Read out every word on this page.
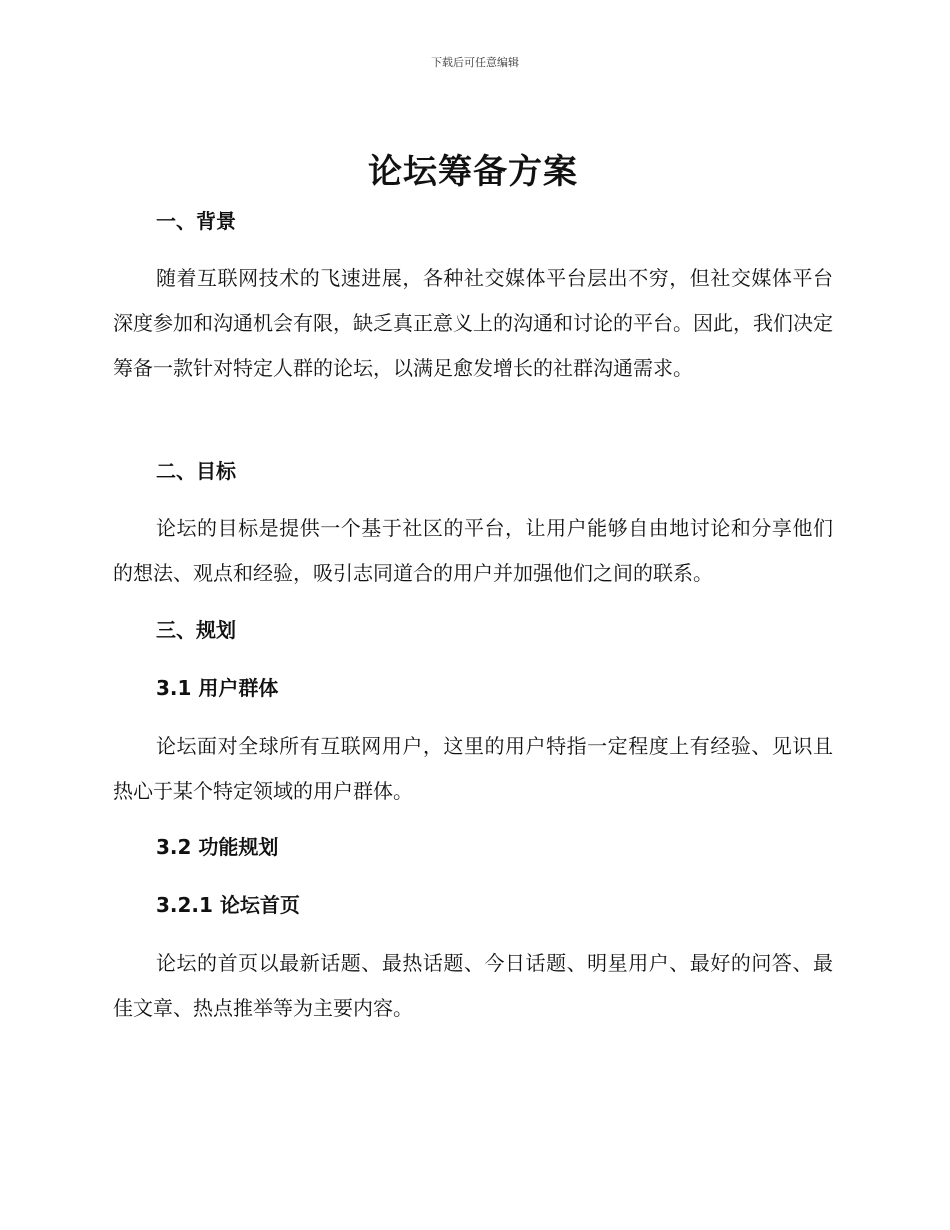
下载后可任意编辑
论坛筹备方案
一、背景

随着互联网技术的飞速进展，各种社交媒体平台层出不穷，但社交媒体平台深度参加和沟通机会有限，缺乏真正意义上的沟通和讨论的平台。因此，我们决定筹备一款针对特定人群的论坛，以满足愈发增长的社群沟通需求。

二、目标

论坛的目标是提供一个基于社区的平台，让用户能够自由地讨论和分享他们的想法、观点和经验，吸引志同道合的用户并加强他们之间的联系。

三、规划
3.1 用户群体

论坛面对全球所有互联网用户，这里的用户特指一定程度上有经验、见识且热心于某个特定领域的用户群体。

3.2 功能规划
3.2.1 论坛首页

论坛的首页以最新话题、最热话题、今日话题、明星用户、最好的问答、最佳文章、热点推举等为主要内容。
